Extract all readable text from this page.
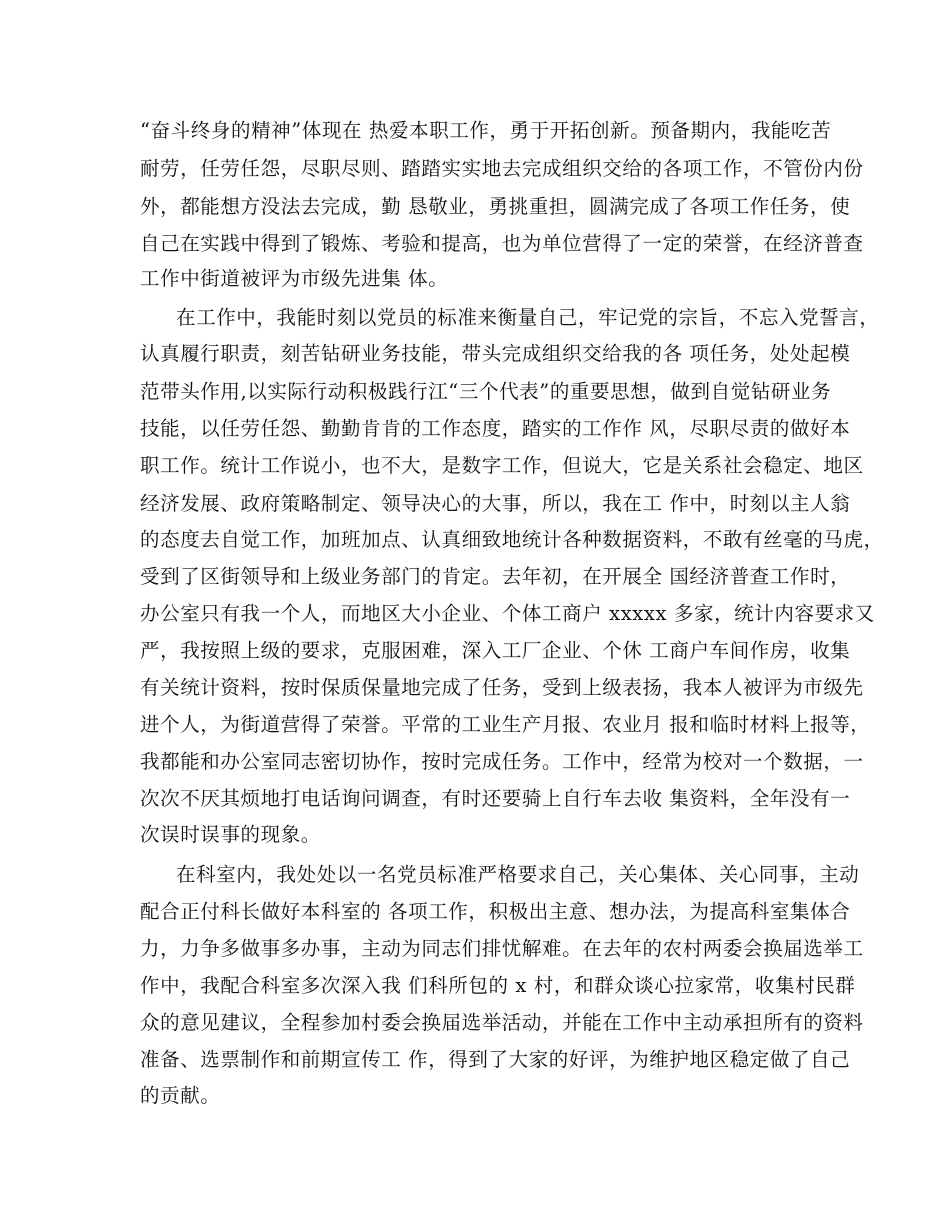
“奋斗终身的精神”体现在 热爱本职工作，勇于开拓创新。预备期内，我能吃苦
耐劳，任劳任怨，尽职尽则、踏踏实实地去完成组织交给的各项工作，不管份内份
外，都能想方没法去完成，勤 恳敬业，勇挑重担，圆满完成了各项工作任务，使
自己在实践中得到了锻炼、考验和提高，也为单位营得了一定的荣誉，在经济普查
工作中街道被评为市级先进集 体。
在工作中，我能时刻以党员的标准来衡量自己，牢记党的宗旨，不忘入党誓言，
认真履行职责，刻苦钻研业务技能，带头完成组织交给我的各 项任务，处处起模
范带头作用,以实际行动积极践行江“三个代表”的重要思想，做到自觉钻研业务
技能，以任劳任怨、勤勤肯肯的工作态度，踏实的工作作 风，尽职尽责的做好本
职工作。统计工作说小，也不大，是数字工作，但说大，它是关系社会稳定、地区
经济发展、政府策略制定、领导决心的大事，所以，我在工 作中，时刻以主人翁
的态度去自觉工作，加班加点、认真细致地统计各种数据资料，不敢有丝毫的马虎，
受到了区街领导和上级业务部门的肯定。去年初，在开展全 国经济普查工作时，
办公室只有我一个人，而地区大小企业、个体工商户 xxxxx 多家，统计内容要求又
严，我按照上级的要求，克服困难，深入工厂企业、个休 工商户车间作房，收集
有关统计资料，按时保质保量地完成了任务，受到上级表扬，我本人被评为市级先
进个人，为街道营得了荣誉。平常的工业生产月报、农业月 报和临时材料上报等，
我都能和办公室同志密切协作，按时完成任务。工作中，经常为校对一个数据，一
次次不厌其烦地打电话询问调查，有时还要骑上自行车去收 集资料，全年没有一
次误时误事的现象。
在科室内，我处处以一名党员标准严格要求自己，关心集体、关心同事，主动
配合正付科长做好本科室的 各项工作，积极出主意、想办法，为提高科室集体合
力，力争多做事多办事，主动为同志们排忧解难。在去年的农村两委会换届选举工
作中，我配合科室多次深入我 们科所包的 x 村，和群众谈心拉家常，收集村民群
众的意见建议，全程参加村委会换届选举活动，并能在工作中主动承担所有的资料
准备、选票制作和前期宣传工 作，得到了大家的好评，为维护地区稳定做了自己
的贡献。
